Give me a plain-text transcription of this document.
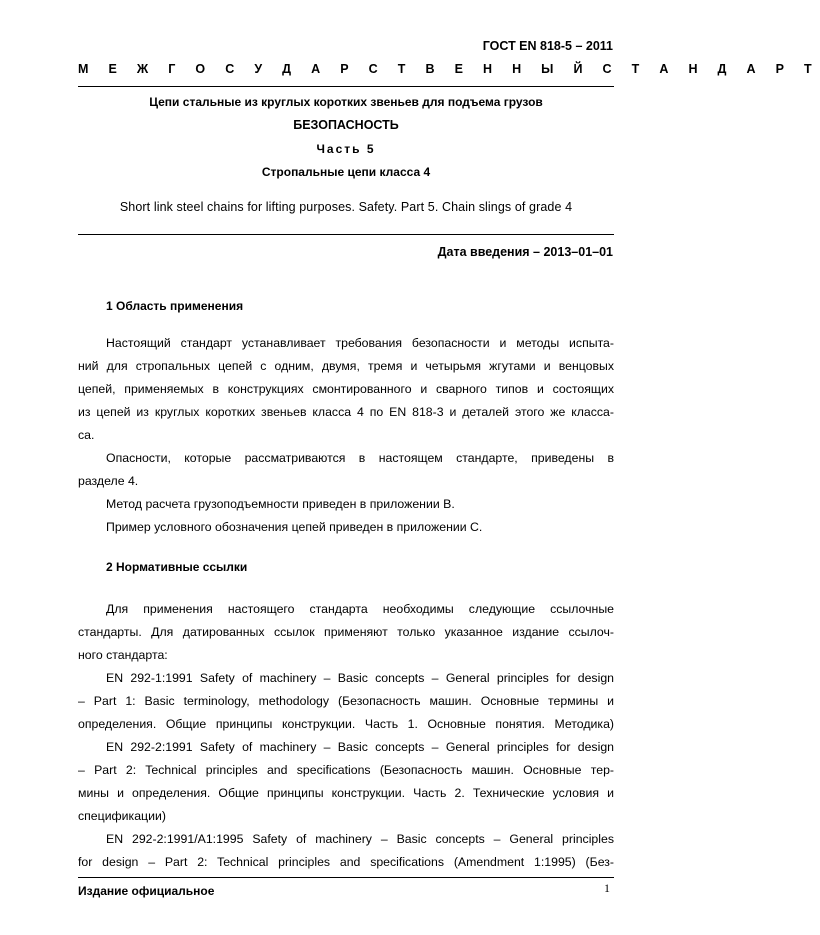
ГОСТ EN 818-5 – 2011
М Е Ж Г О С У Д А Р С Т В Е Н Н Ы Й С Т А Н Д А Р Т
Цепи стальные из круглых коротких звеньев для подъема грузов
БЕЗОПАСНОСТЬ
Часть 5
Стропальные цепи класса 4
Short link steel chains for lifting purposes. Safety. Part 5. Chain slings of grade 4
Дата введения – 2013–01–01
1 Область применения
Настоящий стандарт устанавливает требования безопасности и методы испыта-
ний для стропальных цепей с одним, двумя, тремя и четырьмя жгутами и венцовых
цепей, применяемых в конструкциях смонтированного и сварного типов и состоящих
из цепей из круглых коротких звеньев класса 4 по EN 818-3 и деталей этого же класса-
са.
Опасности, которые рассматриваются в настоящем стандарте, приведены в
разделе 4.
Метод расчета грузоподъемности приведен в приложении В.
Пример условного обозначения цепей приведен в приложении С.
2 Нормативные ссылки
Для применения настоящего стандарта необходимы следующие ссылочные
стандарты. Для датированных ссылок применяют только указанное издание ссылоч-
ного стандарта:
EN 292-1:1991 Safety of machinery – Basic concepts – General principles for design
– Part 1: Basic terminology, methodology (Безопасность машин. Основные термины и
определения. Общие принципы конструкции. Часть 1. Основные понятия. Методика)
EN 292-2:1991 Safety of machinery – Basic concepts – General principles for design
– Part 2: Technical principles and specifications (Безопасность машин. Основные тер-
мины и определения. Общие принципы конструкции. Часть 2. Технические условия и
спецификации)
EN 292-2:1991/A1:1995 Safety of machinery – Basic concepts – General principles
for design – Part 2: Technical principles and specifications (Amendment 1:1995) (Без-
Издание официальное	1
